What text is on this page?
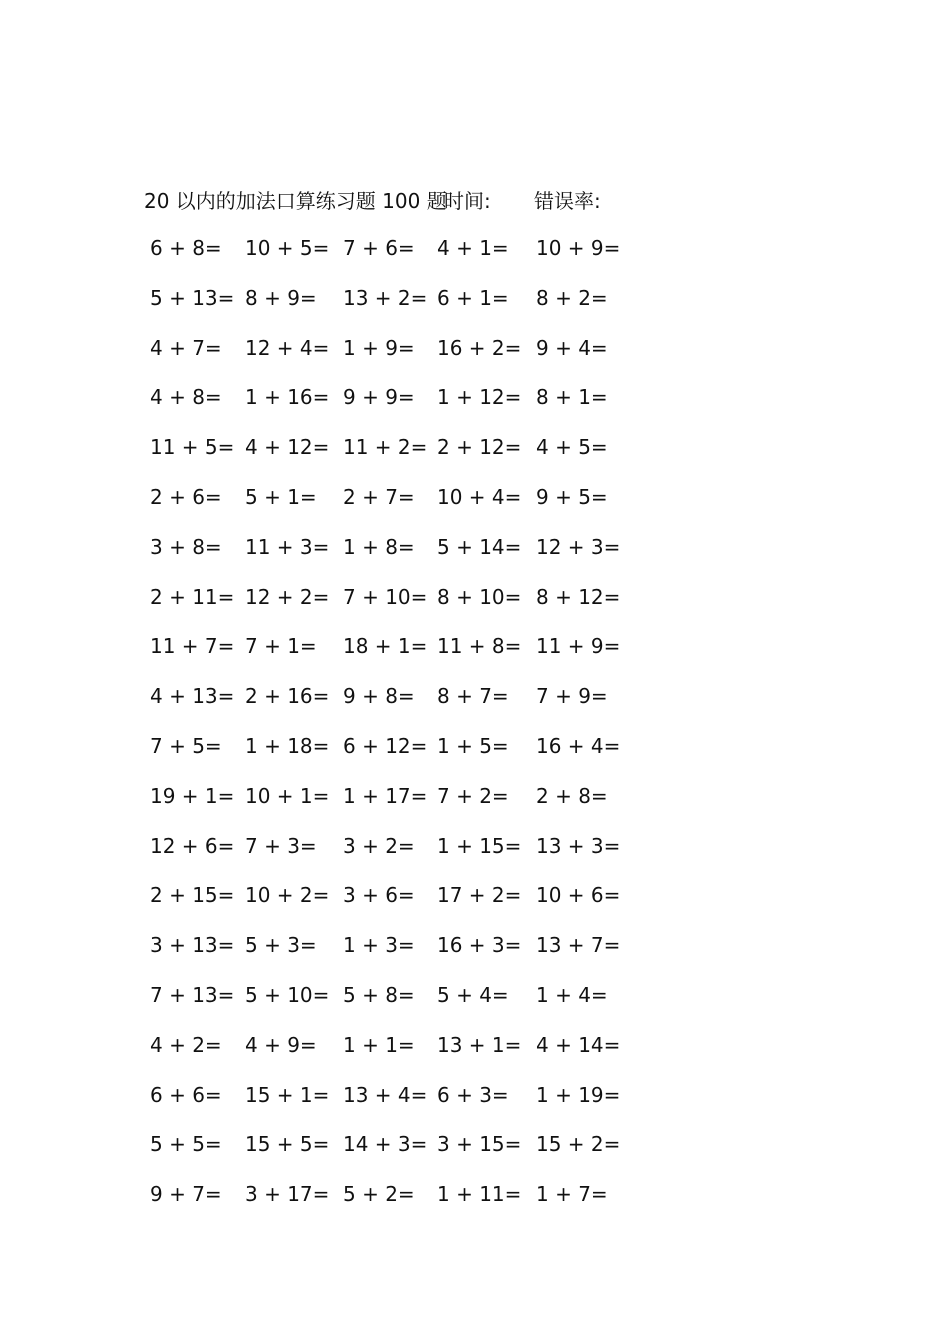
20 以内的加法口算练习题 100 题
时间: 错误率:
6 + 8= 10 + 5= 7 + 6= 4 + 1= 10 + 9=
5 + 13= 8 + 9= 13 + 2= 6 + 1= 8 + 2=
4 + 7= 12 + 4= 1 + 9= 16 + 2= 9 + 4=
4 + 8= 1 + 16= 9 + 9= 1 + 12= 8 + 1=
11 + 5= 4 + 12= 11 + 2= 2 + 12= 4 + 5=
2 + 6= 5 + 1= 2 + 7= 10 + 4= 9 + 5=
3 + 8= 11 + 3= 1 + 8= 5 + 14= 12 + 3=
2 + 11= 12 + 2= 7 + 10= 8 + 10= 8 + 12=
11 + 7= 7 + 1= 18 + 1= 11 + 8= 11 + 9=
4 + 13= 2 + 16= 9 + 8= 8 + 7= 7 + 9=
7 + 5= 1 + 18= 6 + 12= 1 + 5= 16 + 4=
19 + 1= 10 + 1= 1 + 17= 7 + 2= 2 + 8=
12 + 6= 7 + 3= 3 + 2= 1 + 15= 13 + 3=
2 + 15= 10 + 2= 3 + 6= 17 + 2= 10 + 6=
3 + 13= 5 + 3= 1 + 3= 16 + 3= 13 + 7=
7 + 13= 5 + 10= 5 + 8= 5 + 4= 1 + 4=
4 + 2= 4 + 9= 1 + 1= 13 + 1= 4 + 14=
6 + 6= 15 + 1= 13 + 4= 6 + 3= 1 + 19=
5 + 5= 15 + 5= 14 + 3= 3 + 15= 15 + 2=
9 + 7= 3 + 17= 5 + 2= 1 + 11= 1 + 7=
